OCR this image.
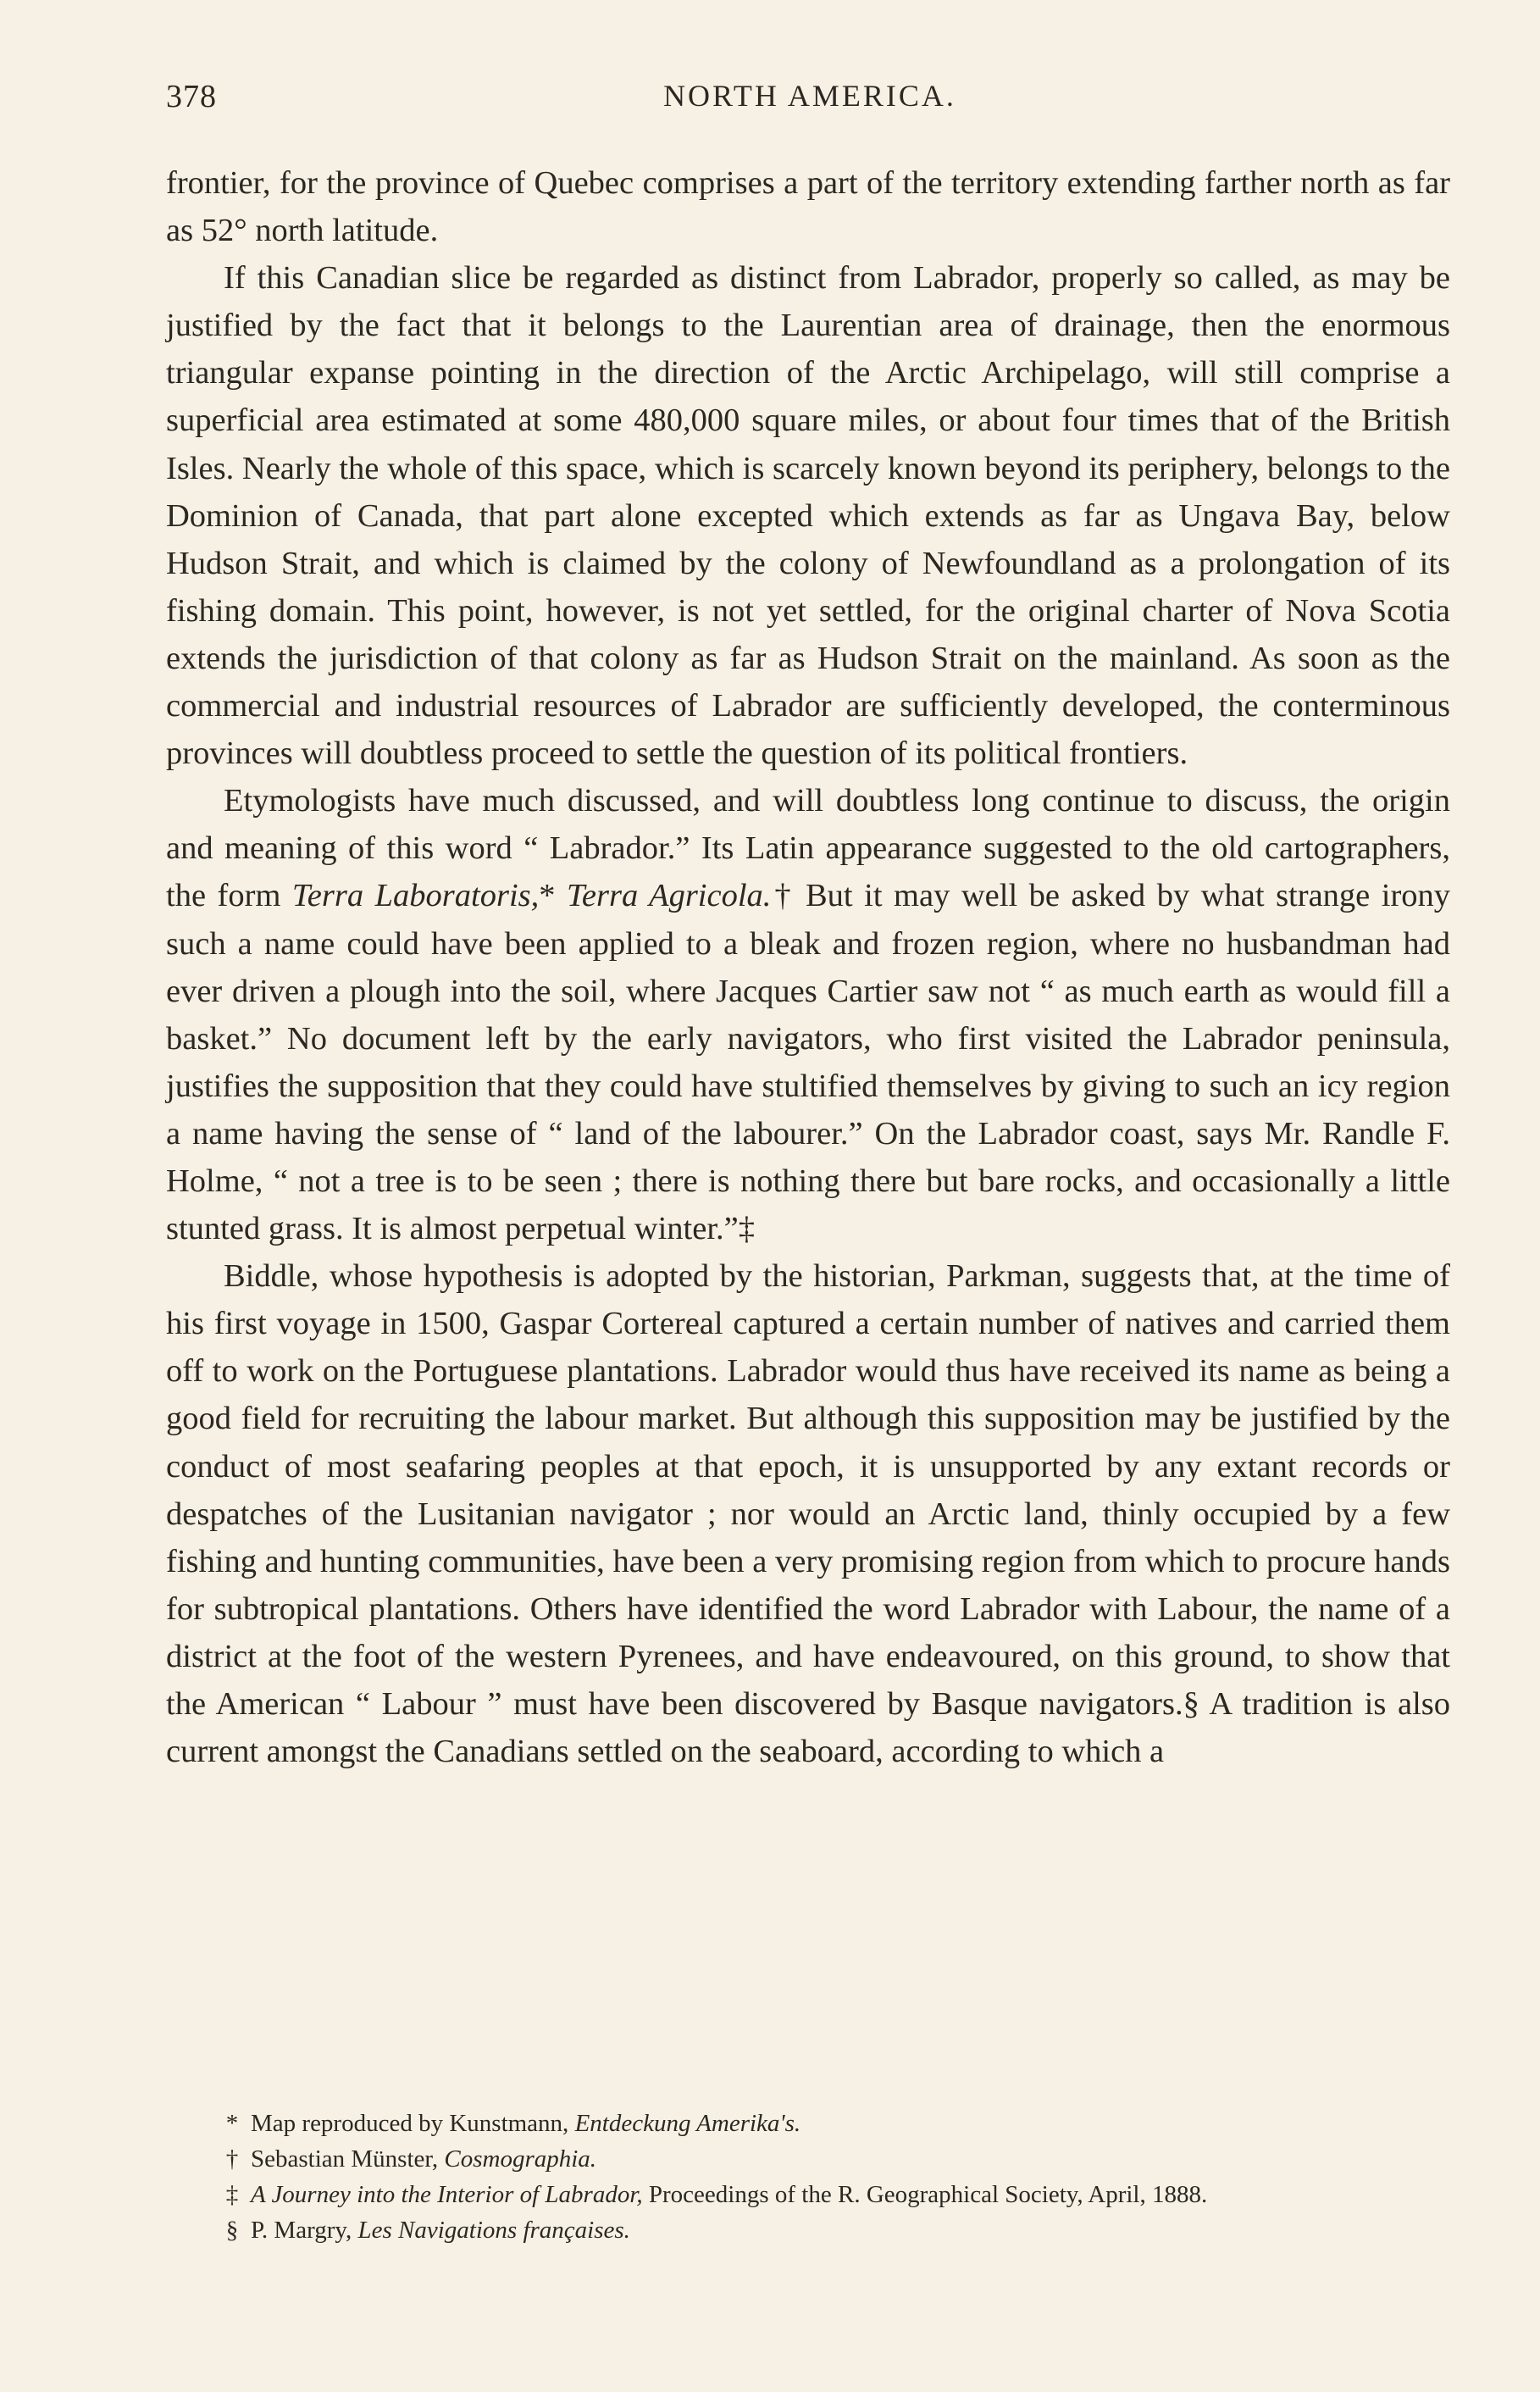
378	NORTH AMERICA.

frontier, for the province of Quebec comprises a part of the territory extending farther north as far as 52° north latitude.

If this Canadian slice be regarded as distinct from Labrador, properly so called, as may be justified by the fact that it belongs to the Laurentian area of drainage, then the enormous triangular expanse pointing in the direction of the Arctic Archipelago, will still comprise a superficial area estimated at some 480,000 square miles, or about four times that of the British Isles. Nearly the whole of this space, which is scarcely known beyond its periphery, belongs to the Dominion of Canada, that part alone excepted which extends as far as Ungava Bay, below Hudson Strait, and which is claimed by the colony of Newfoundland as a prolongation of its fishing domain. This point, however, is not yet settled, for the original charter of Nova Scotia extends the jurisdiction of that colony as far as Hudson Strait on the mainland. As soon as the commercial and industrial resources of Labrador are sufficiently developed, the conterminous provinces will doubtless proceed to settle the question of its political frontiers.

Etymologists have much discussed, and will doubtless long continue to discuss, the origin and meaning of this word “ Labrador.” Its Latin appearance suggested to the old cartographers, the form Terra Laboratoris,* Terra Agricola.† But it may well be asked by what strange irony such a name could have been applied to a bleak and frozen region, where no husbandman had ever driven a plough into the soil, where Jacques Cartier saw not “ as much earth as would fill a basket.” No document left by the early navigators, who first visited the Labrador peninsula, justifies the supposition that they could have stultified themselves by giving to such an icy region a name having the sense of “ land of the labourer.” On the Labrador coast, says Mr. Randle F. Holme, “ not a tree is to be seen ; there is nothing there but bare rocks, and occasionally a little stunted grass. It is almost perpetual winter.”‡

Biddle, whose hypothesis is adopted by the historian, Parkman, suggests that, at the time of his first voyage in 1500, Gaspar Cortereal captured a certain number of natives and carried them off to work on the Portuguese plantations. Labrador would thus have received its name as being a good field for recruiting the labour market. But although this supposition may be justified by the conduct of most seafaring peoples at that epoch, it is unsupported by any extant records or despatches of the Lusitanian navigator ; nor would an Arctic land, thinly occupied by a few fishing and hunting communities, have been a very promising region from which to procure hands for subtropical plantations. Others have identified the word Labrador with Labour, the name of a district at the foot of the western Pyrenees, and have endeavoured, on this ground, to show that the American “ Labour ” must have been discovered by Basque navigators.§ A tradition is also current amongst the Canadians settled on the seaboard, according to which a

* Map reproduced by Kunstmann, Entdeckung Amerika's.

† Sebastian Münster, Cosmographia.

‡ A Journey into the Interior of Labrador, Proceedings of the R. Geographical Society, April, 1888.

§ P. Margry, Les Navigations françaises.
